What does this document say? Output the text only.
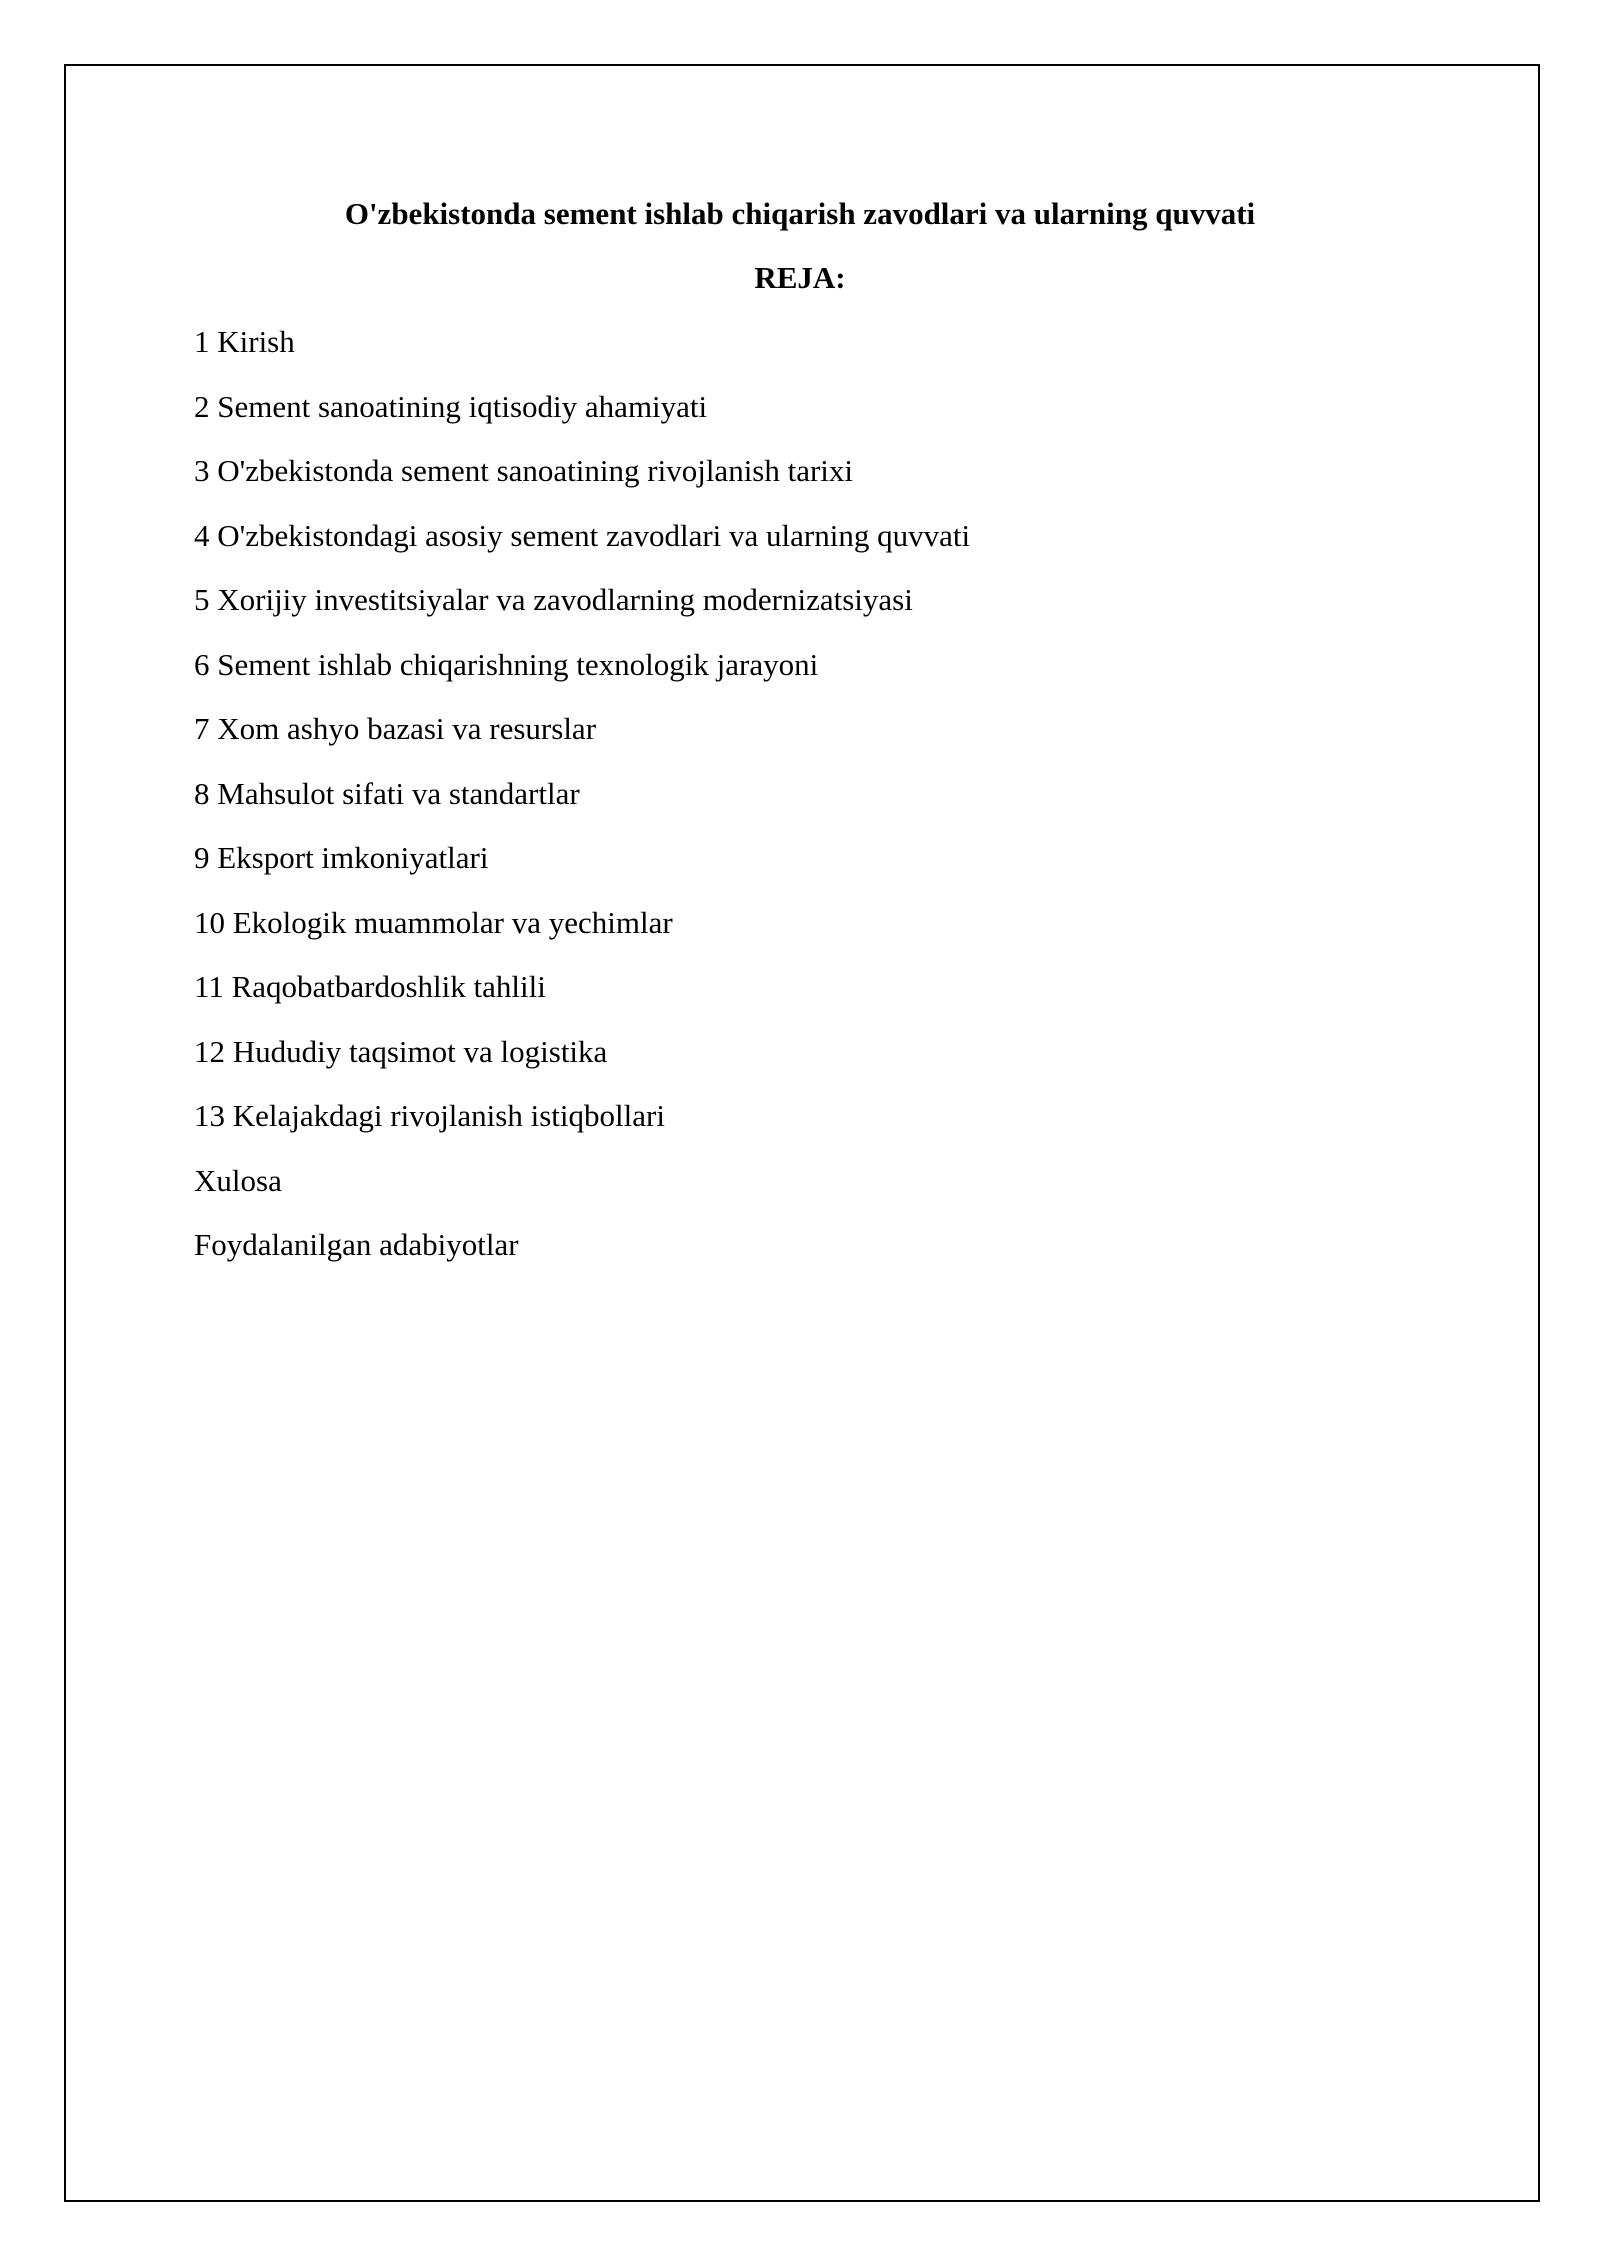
O'zbekistonda sement ishlab chiqarish zavodlari va ularning quvvati
REJA:
1 Kirish
2 Sement sanoatining iqtisodiy ahamiyati
3 O'zbekistonda sement sanoatining rivojlanish tarixi
4 O'zbekistondagi asosiy sement zavodlari va ularning quvvati
5 Xorijiy investitsiyalar va zavodlarning modernizatsiyasi
6 Sement ishlab chiqarishning texnologik jarayoni
7 Xom ashyo bazasi va resurslar
8 Mahsulot sifati va standartlar
9 Eksport imkoniyatlari
10 Ekologik muammolar va yechimlar
11 Raqobatbardoshlik tahlili
12 Hududiy taqsimot va logistika
13 Kelajakdagi rivojlanish istiqbollari
Xulosa
Foydalanilgan adabiyotlar
